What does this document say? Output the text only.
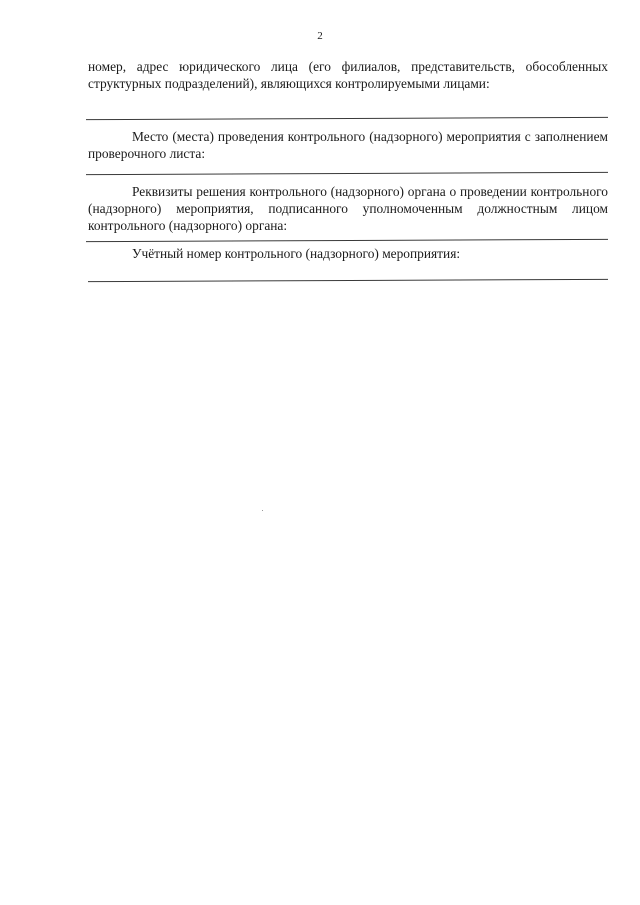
2

номер, адрес юридического лица (его филиалов, представительств, обособленных структурных подразделений), являющихся контролируемыми лицами:

Место (места) проведения контрольного (надзорного) мероприятия с заполнением проверочного листа:

Реквизиты решения контрольного (надзорного) органа о проведении контрольного (надзорного) мероприятия, подписанного уполномоченным должностным лицом контрольного (надзорного) органа:

Учётный номер контрольного (надзорного) мероприятия:
